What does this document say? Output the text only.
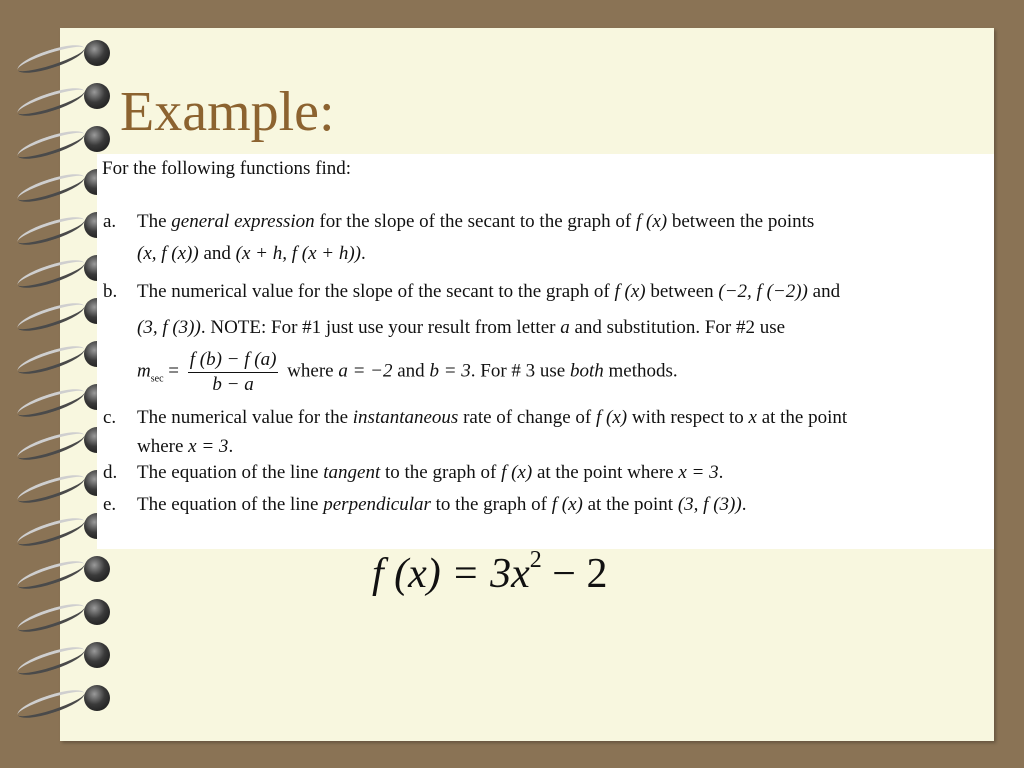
Example:
For the following functions find:
a. The general expression for the slope of the secant to the graph of f (x) between the points
(x, f (x)) and (x + h, f (x + h)).
b. The numerical value for the slope of the secant to the graph of f (x) between (−2, f (−2)) and
(3, f (3)). NOTE: For #1 just use your result from letter a and substitution. For #2 use
$m_{sec} = \frac{f (b) - f (a)}{b - a}$ where a = −2 and b = 3. For # 3 use both methods.
c. The numerical value for the instantaneous rate of change of f (x) with respect to x at the point
where x = 3.
d. The equation of the line tangent to the graph of f (x) at the point where x = 3.
e. The equation of the line perpendicular to the graph of f (x) at the point (3, f (3)).
f $(x) = 3x^2 - 2$
